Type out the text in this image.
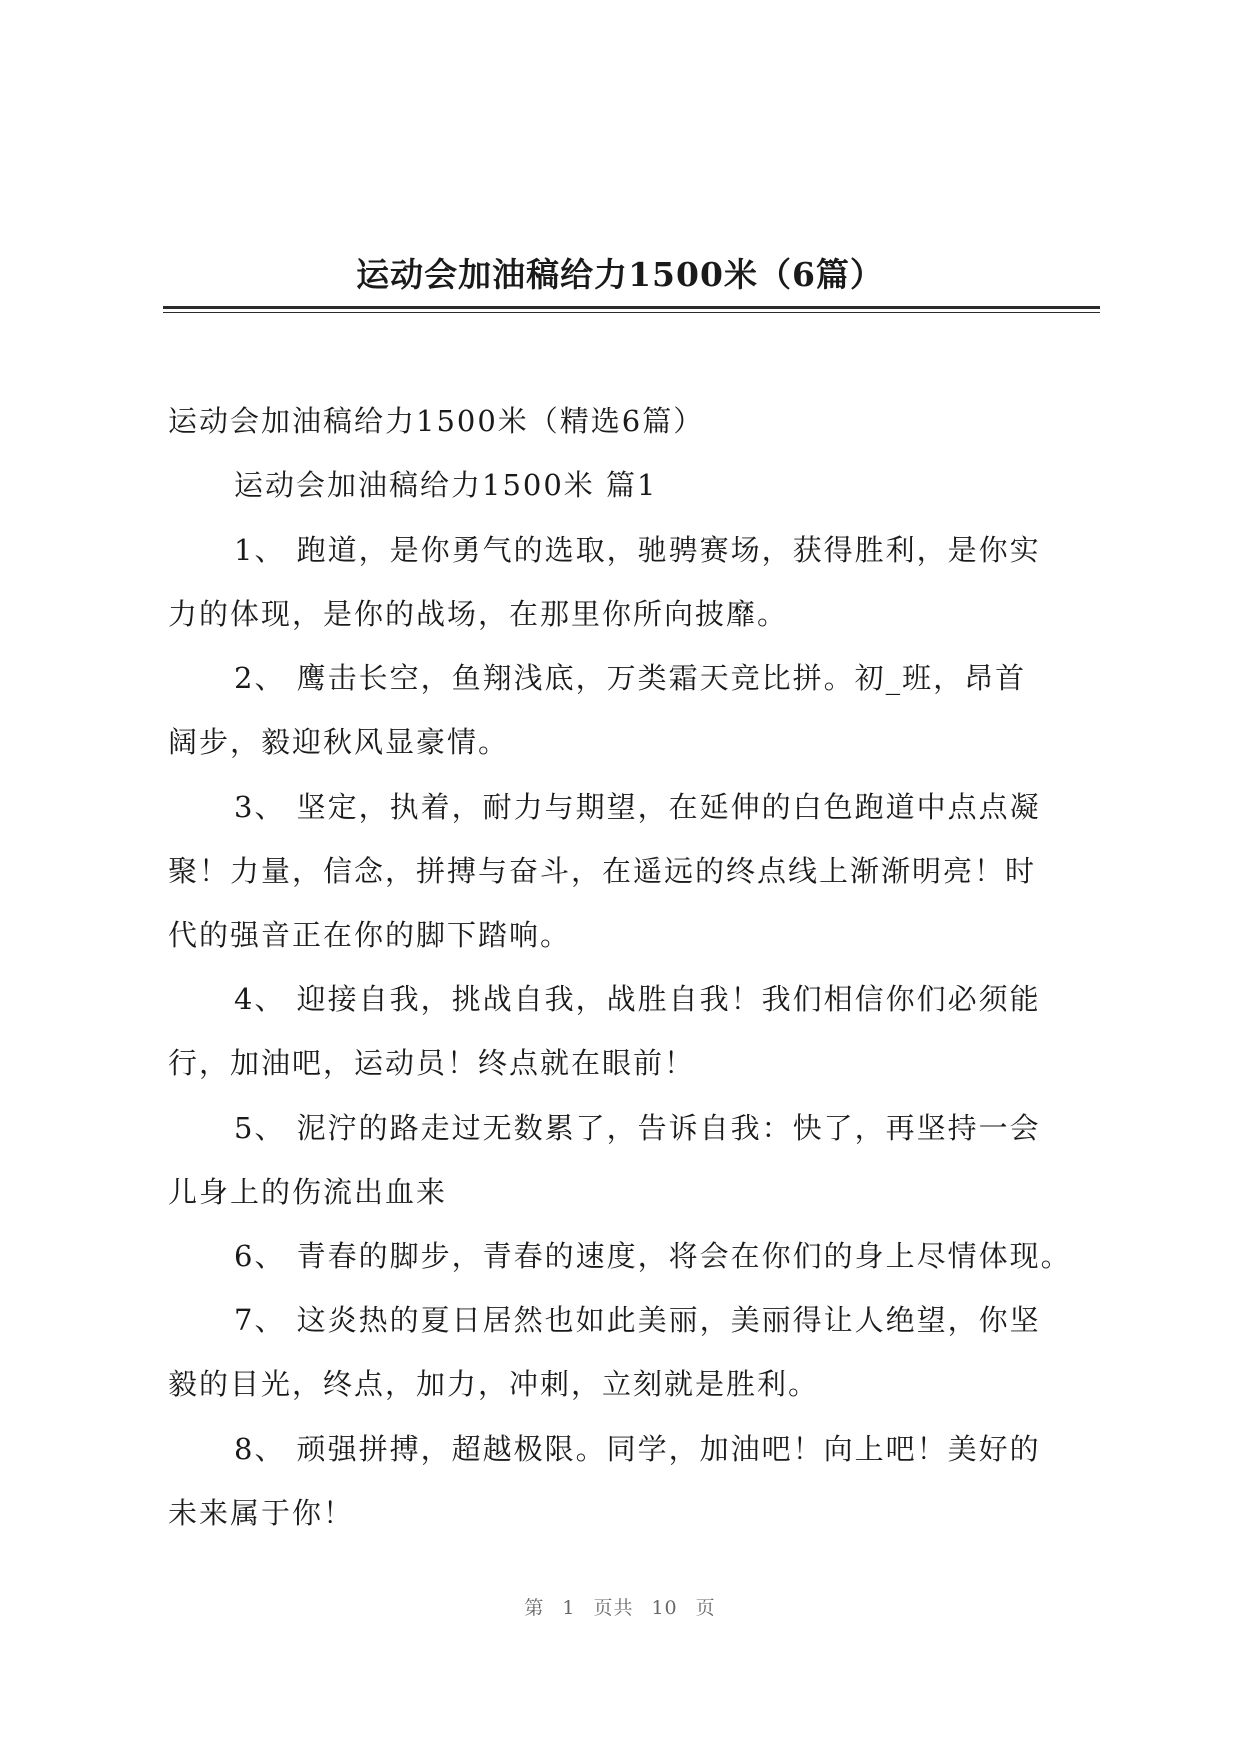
运动会加油稿给力1500米（6篇）
运动会加油稿给力1500米（精选6篇）
运动会加油稿给力1500米 篇1
1、 跑道，是你勇气的选取，驰骋赛场，获得胜利，是你实
力的体现，是你的战场，在那里你所向披靡。
2、 鹰击长空，鱼翔浅底，万类霜天竞比拼。初_班，昂首
阔步，毅迎秋风显豪情。
3、 坚定，执着，耐力与期望，在延伸的白色跑道中点点凝
聚！力量，信念，拼搏与奋斗，在遥远的终点线上渐渐明亮！时
代的强音正在你的脚下踏响。
4、 迎接自我，挑战自我，战胜自我！我们相信你们必须能
行，加油吧，运动员！终点就在眼前！
5、 泥泞的路走过无数累了，告诉自我：快了，再坚持一会
儿身上的伤流出血来
6、 青春的脚步，青春的速度，将会在你们的身上尽情体现。
7、 这炎热的夏日居然也如此美丽，美丽得让人绝望，你坚
毅的目光，终点，加力，冲刺，立刻就是胜利。
8、 顽强拼搏，超越极限。同学，加油吧！向上吧！美好的
未来属于你！
第 1 页共 10 页
